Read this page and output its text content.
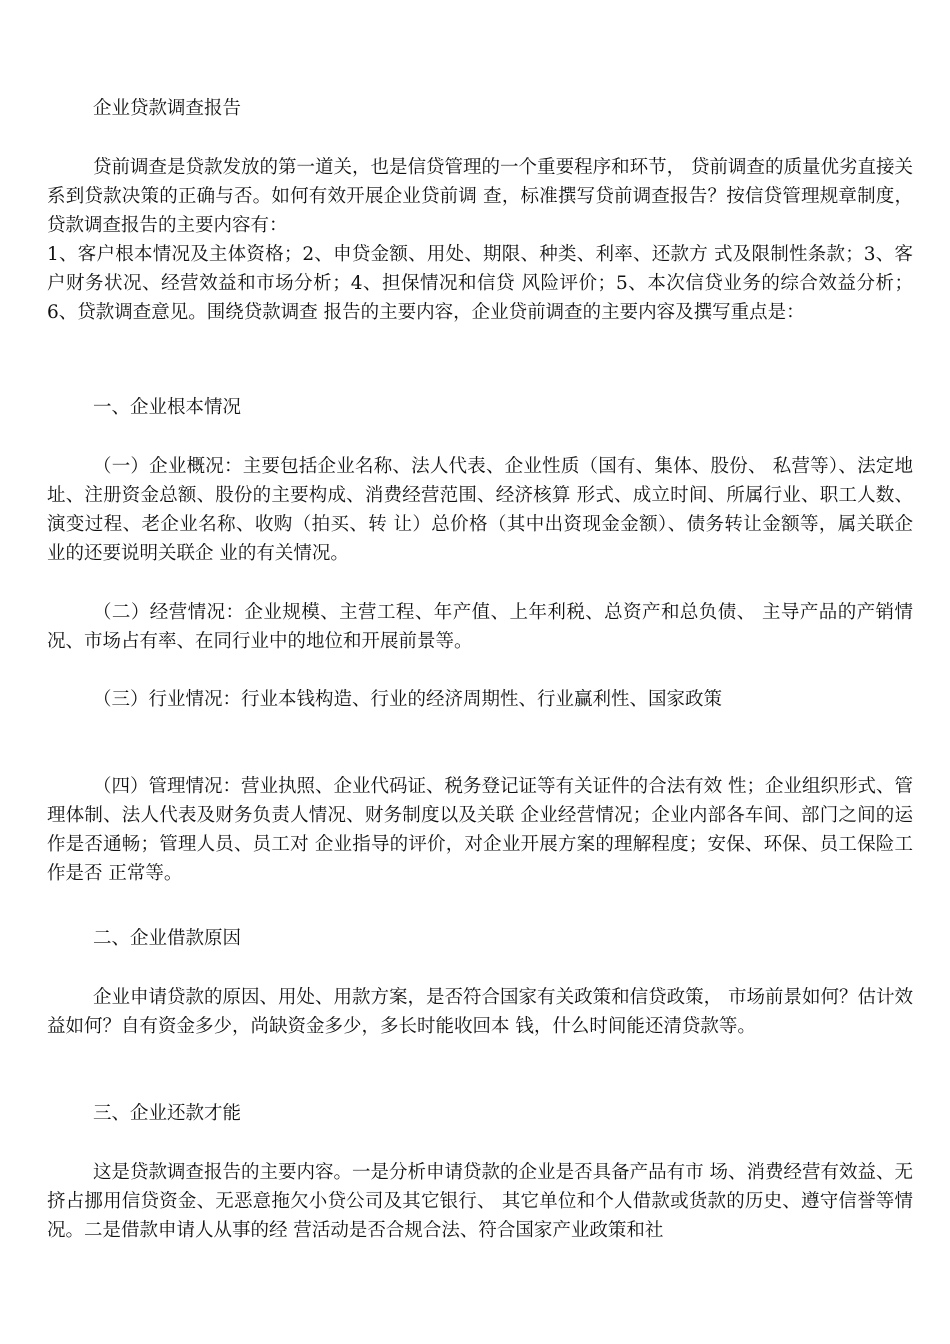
企业贷款调查报告

贷前调查是贷款发放的第一道关，也是信贷管理的一个重要程序和环节， 贷前调查的质量优劣直接关系到贷款决策的正确与否。如何有效开展企业贷前调 查，标准撰写贷前调查报告？按信贷管理规章制度，贷款调查报告的主要内容有：

1、客户根本情况及主体资格；2、申贷金额、用处、期限、种类、利率、还款方 式及限制性条款；3、客户财务状况、经营效益和市场分析；4、担保情况和信贷 风险评价；5、本次信贷业务的综合效益分析；6、贷款调查意见。围绕贷款调查 报告的主要内容，企业贷前调查的主要内容及撰写重点是：

一、企业根本情况

（一）企业概况：主要包括企业名称、法人代表、企业性质（国有、集体、股份、 私营等）、法定地址、注册资金总额、股份的主要构成、消费经营范围、经济核算 形式、成立时间、所属行业、职工人数、演变过程、老企业名称、收购（拍买、转 让）总价格（其中出资现金金额）、债务转让金额等，属关联企业的还要说明关联企 业的有关情况。

（二）经营情况：企业规模、主营工程、年产值、上年利税、总资产和总负债、 主导产品的产销情况、市场占有率、在同行业中的地位和开展前景等。

（三）行业情况：行业本钱构造、行业的经济周期性、行业赢利性、国家政策

（四）管理情况：营业执照、企业代码证、税务登记证等有关证件的合法有效 性；企业组织形式、管理体制、法人代表及财务负责人情况、财务制度以及关联 企业经营情况；企业内部各车间、部门之间的运作是否通畅；管理人员、员工对 企业指导的评价，对企业开展方案的理解程度；安保、环保、员工保险工作是否 正常等。

二、企业借款原因

企业申请贷款的原因、用处、用款方案，是否符合国家有关政策和信贷政策， 市场前景如何？估计效益如何？自有资金多少，尚缺资金多少，多长时能收回本 钱，什么时间能还清贷款等。

三、企业还款才能

这是贷款调查报告的主要内容。一是分析申请贷款的企业是否具备产品有市 场、消费经营有效益、无挤占挪用信贷资金、无恶意拖欠小贷公司及其它银行、 其它单位和个人借款或货款的历史、遵守信誉等情况。二是借款申请人从事的经 营活动是否合规合法、符合国家产业政策和社
